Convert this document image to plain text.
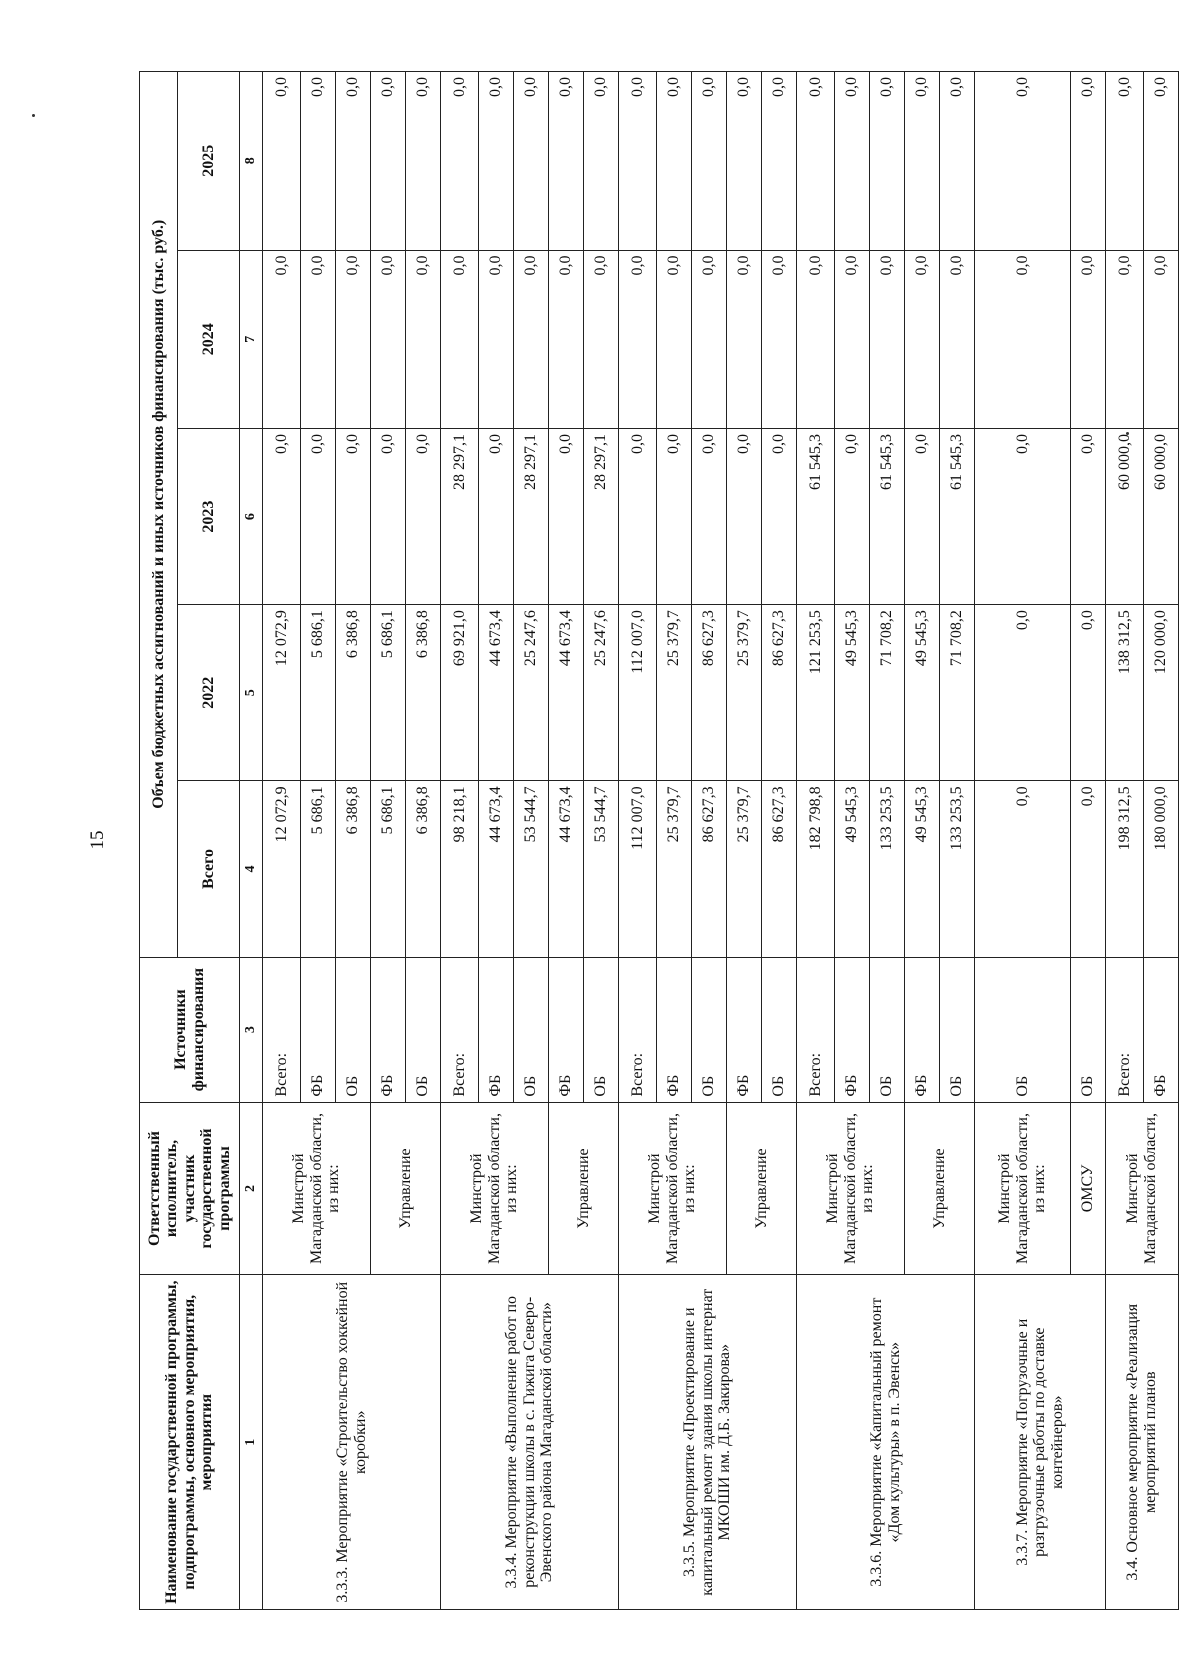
15
Наименование государственной программы, подпрограммы, основного мероприятия, мероприятия	Ответственный исполнитель, участник государственной программы	Источники финансирования	Объем бюджетных ассигнований и иных источников финансирования (тыс. руб.)				
			Всего	2022	2023	2024	2025
1	2	3	4	5	6	7	8
3.3.3. Мероприятие «Строительство хоккейной коробки»	Минстрой Магаданской области, из них:	Всего:	12 072,9	12 072,9	0,0	0,0	0,0
		ФБ	5 686,1	5 686,1	0,0	0,0	0,0
		ОБ	6 386,8	6 386,8	0,0	0,0	0,0
	Управление	ФБ	5 686,1	5 686,1	0,0	0,0	0,0
		ОБ	6 386,8	6 386,8	0,0	0,0	0,0
3.3.4. Мероприятие «Выполнение работ по реконструкции школы в с. Гижига Северо-Эвенского района Магаданской области»	Минстрой Магаданской области, из них:	Всего:	98 218,1	69 921,0	28 297,1	0,0	0,0
		ФБ	44 673,4	44 673,4	0,0	0,0	0,0
		ОБ	53 544,7	25 247,6	28 297,1	0,0	0,0
	Управление	ФБ	44 673,4	44 673,4	0,0	0,0	0,0
		ОБ	53 544,7	25 247,6	28 297,1	0,0	0,0
3.3.5. Мероприятие «Проектирование и капитальный ремонт здания школы интернат МКОШИ им. Д.Б. Закирова»	Минстрой Магаданской области, из них:	Всего:	112 007,0	112 007,0	0,0	0,0	0,0
		ФБ	25 379,7	25 379,7	0,0	0,0	0,0
		ОБ	86 627,3	86 627,3	0,0	0,0	0,0
	Управление	ФБ	25 379,7	25 379,7	0,0	0,0	0,0
		ОБ	86 627,3	86 627,3	0,0	0,0	0,0
3.3.6. Мероприятие «Капитальный ремонт «Дом культуры» в п. Эвенск»	Минстрой Магаданской области, из них:	Всего:	182 798,8	121 253,5	61 545,3	0,0	0,0
		ФБ	49 545,3	49 545,3	0,0	0,0	0,0
		ОБ	133 253,5	71 708,2	61 545,3	0,0	0,0
	Управление	ФБ	49 545,3	49 545,3	0,0	0,0	0,0
		ОБ	133 253,5	71 708,2	61 545,3	0,0	0,0
3.3.7. Мероприятие «Погрузочные и разгрузочные работы по доставке контейнеров»	Минстрой Магаданской области, из них:	ОБ	0,0	0,0	0,0	0,0	0,0
	ОМСУ	ОБ	0,0	0,0	0,0	0,0	0,0
3.4. Основное мероприятие «Реализация мероприятий планов	Минстрой Магаданской области,	Всего:	198 312,5	138 312,5	60 000,0	0,0	0,0
		ФБ	180 000,0	120 000,0	60 000,0	0,0	0,0
